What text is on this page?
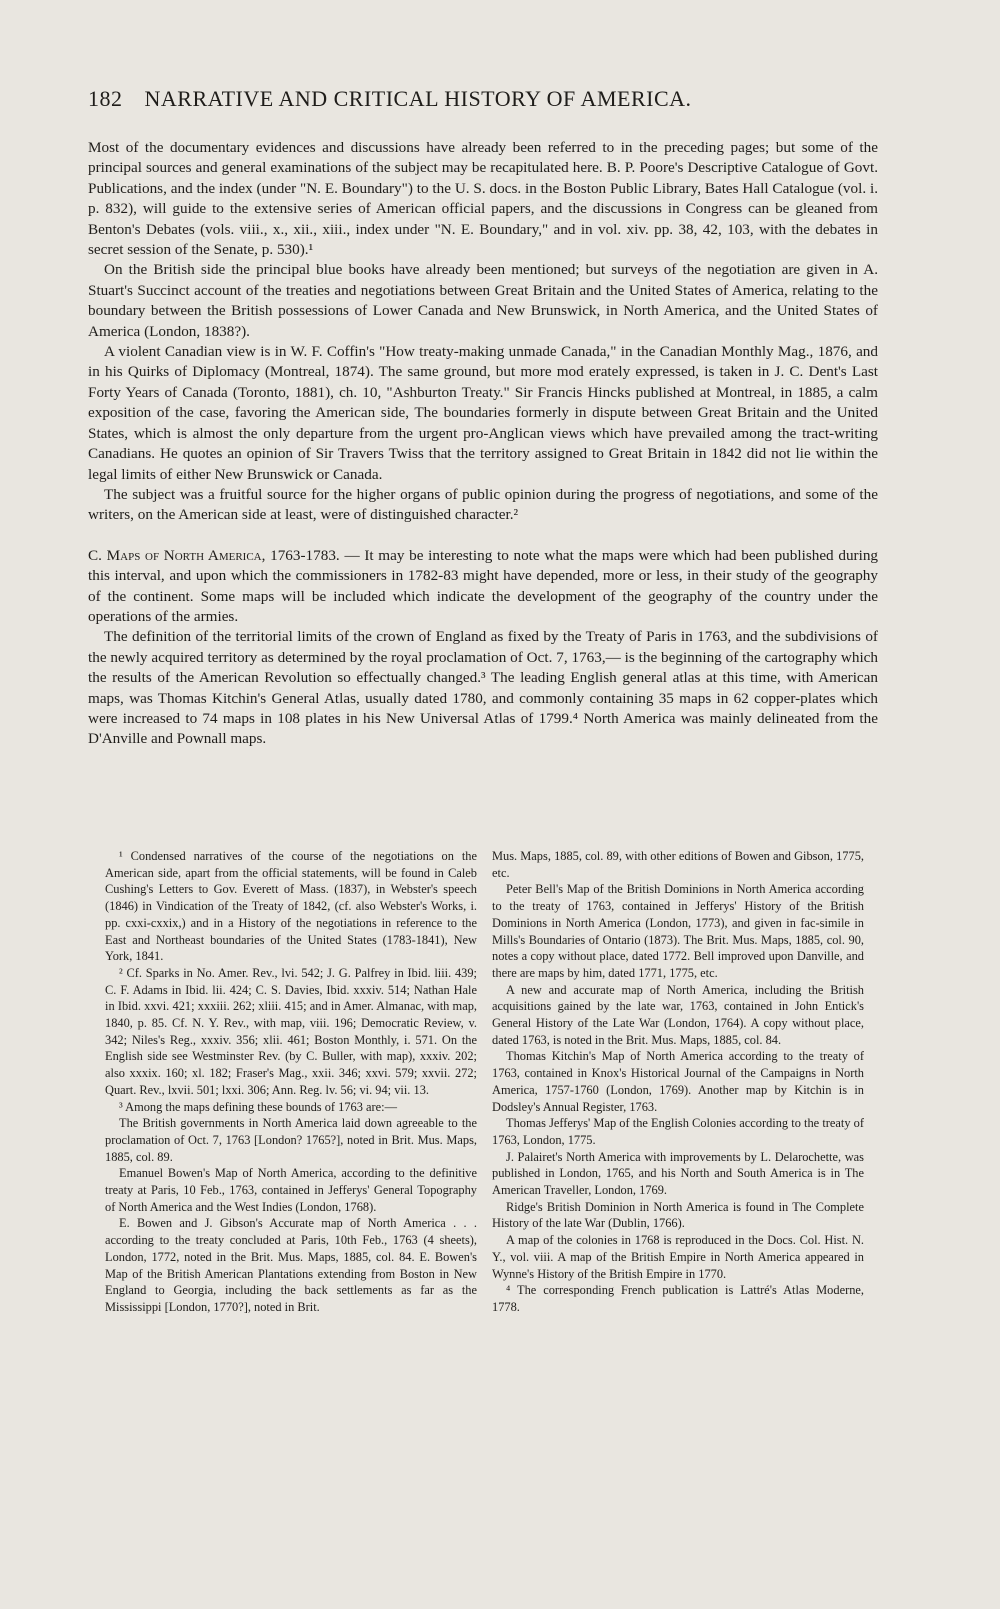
182 NARRATIVE AND CRITICAL HISTORY OF AMERICA.

Most of the documentary evidences and discussions have already been referred to in the preceding pages; but some of the principal sources and general examinations of the subject may be recapitulated here. B. P. Poore's Descriptive Catalogue of Govt. Publications, and the index (under "N. E. Boundary") to the U. S. docs. in the Boston Public Library, Bates Hall Catalogue (vol. i. p. 832), will guide to the extensive series of American official papers, and the discussions in Congress can be gleaned from Benton's Debates (vols. viii., x., xii., xiii., index under "N. E. Boundary," and in vol. xiv. pp. 38, 42, 103, with the debates in secret session of the Senate, p. 530).¹

On the British side the principal blue books have already been mentioned; but surveys of the negotiation are given in A. Stuart's Succinct account of the treaties and negotiations between Great Britain and the United States of America, relating to the boundary between the British possessions of Lower Canada and New Brunswick, in North America, and the United States of America (London, 1838?).

A violent Canadian view is in W. F. Coffin's "How treaty-making unmade Canada," in the Canadian Monthly Mag., 1876, and in his Quirks of Diplomacy (Montreal, 1874). The same ground, but more mod erately expressed, is taken in J. C. Dent's Last Forty Years of Canada (Toronto, 1881), ch. 10, "Ashburton Treaty." Sir Francis Hincks published at Montreal, in 1885, a calm exposition of the case, favoring the American side, The boundaries formerly in dispute between Great Britain and the United States, which is almost the only departure from the urgent pro-Anglican views which have prevailed among the tract-writing Canadians. He quotes an opinion of Sir Travers Twiss that the territory assigned to Great Britain in 1842 did not lie within the legal limits of either New Brunswick or Canada.

The subject was a fruitful source for the higher organs of public opinion during the progress of negotiations, and some of the writers, on the American side at least, were of distinguished character.²

C. Maps of North America, 1763-1783. — It may be interesting to note what the maps were which had been published during this interval, and upon which the commissioners in 1782-83 might have depended, more or less, in their study of the geography of the continent. Some maps will be included which indicate the development of the geography of the country under the operations of the armies.

The definition of the territorial limits of the crown of England as fixed by the Treaty of Paris in 1763, and the subdivisions of the newly acquired territory as determined by the royal proclamation of Oct. 7, 1763,— is the beginning of the cartography which the results of the American Revolution so effectually changed.³ The leading English general atlas at this time, with American maps, was Thomas Kitchin's General Atlas, usually dated 1780, and commonly containing 35 maps in 62 copper-plates which were increased to 74 maps in 108 plates in his New Universal Atlas of 1799.⁴ North America was mainly delineated from the D'Anville and Pownall maps.

¹ Condensed narratives of the course of the negotiations on the American side, apart from the official statements, will be found in Caleb Cushing's Letters to Gov. Everett of Mass. (1837), in Webster's speech (1846) in Vindication of the Treaty of 1842, (cf. also Webster's Works, i. pp. cxxi-cxxix,) and in a History of the negotiations in reference to the East and Northeast boundaries of the United States (1783-1841), New York, 1841.

² Cf. Sparks in No. Amer. Rev., lvi. 542; J. G. Palfrey in Ibid. liii. 439; C. F. Adams in Ibid. lii. 424; C. S. Davies, Ibid. xxxiv. 514; Nathan Hale in Ibid. xxvi. 421; xxxiii. 262; xliii. 415; and in Amer. Almanac, with map, 1840, p. 85. Cf. N. Y. Rev., with map, viii. 196; Democratic Review, v. 342; Niles's Reg., xxxiv. 356; xlii. 461; Boston Monthly, i. 571. On the English side see Westminster Rev. (by C. Buller, with map), xxxiv. 202; also xxxix. 160; xl. 182; Fraser's Mag., xxii. 346; xxvi. 579; xxvii. 272; Quart. Rev., lxvii. 501; lxxi. 306; Ann. Reg. lv. 56; vi. 94; vii. 13.

³ Among the maps defining these bounds of 1763 are:—

The British governments in North America laid down agreeable to the proclamation of Oct. 7, 1763 [London? 1765?], noted in Brit. Mus. Maps, 1885, col. 89.

Emanuel Bowen's Map of North America, according to the definitive treaty at Paris, 10 Feb., 1763, contained in Jefferys' General Topography of North America and the West Indies (London, 1768).

E. Bowen and J. Gibson's Accurate map of North America . . . according to the treaty concluded at Paris, 10th Feb., 1763 (4 sheets), London, 1772, noted in the Brit. Mus. Maps, 1885, col. 84. E. Bowen's Map of the British American Plantations extending from Boston in New England to Georgia, including the back settlements as far as the Mississippi [London, 1770?], noted in Brit.

Mus. Maps, 1885, col. 89, with other editions of Bowen and Gibson, 1775, etc.

Peter Bell's Map of the British Dominions in North America according to the treaty of 1763, contained in Jefferys' History of the British Dominions in North America (London, 1773), and given in fac-simile in Mills's Boundaries of Ontario (1873). The Brit. Mus. Maps, 1885, col. 90, notes a copy without place, dated 1772. Bell improved upon Danville, and there are maps by him, dated 1771, 1775, etc.

A new and accurate map of North America, including the British acquisitions gained by the late war, 1763, contained in John Entick's General History of the Late War (London, 1764). A copy without place, dated 1763, is noted in the Brit. Mus. Maps, 1885, col. 84.

Thomas Kitchin's Map of North America according to the treaty of 1763, contained in Knox's Historical Journal of the Campaigns in North America, 1757-1760 (London, 1769). Another map by Kitchin is in Dodsley's Annual Register, 1763.

Thomas Jefferys' Map of the English Colonies according to the treaty of 1763, London, 1775.

J. Palairet's North America with improvements by L. Delarochette, was published in London, 1765, and his North and South America is in The American Traveller, London, 1769.

Ridge's British Dominion in North America is found in The Complete History of the late War (Dublin, 1766).

A map of the colonies in 1768 is reproduced in the Docs. Col. Hist. N. Y., vol. viii. A map of the British Empire in North America appeared in Wynne's History of the British Empire in 1770.

⁴ The corresponding French publication is Lattré's Atlas Moderne, 1778.
